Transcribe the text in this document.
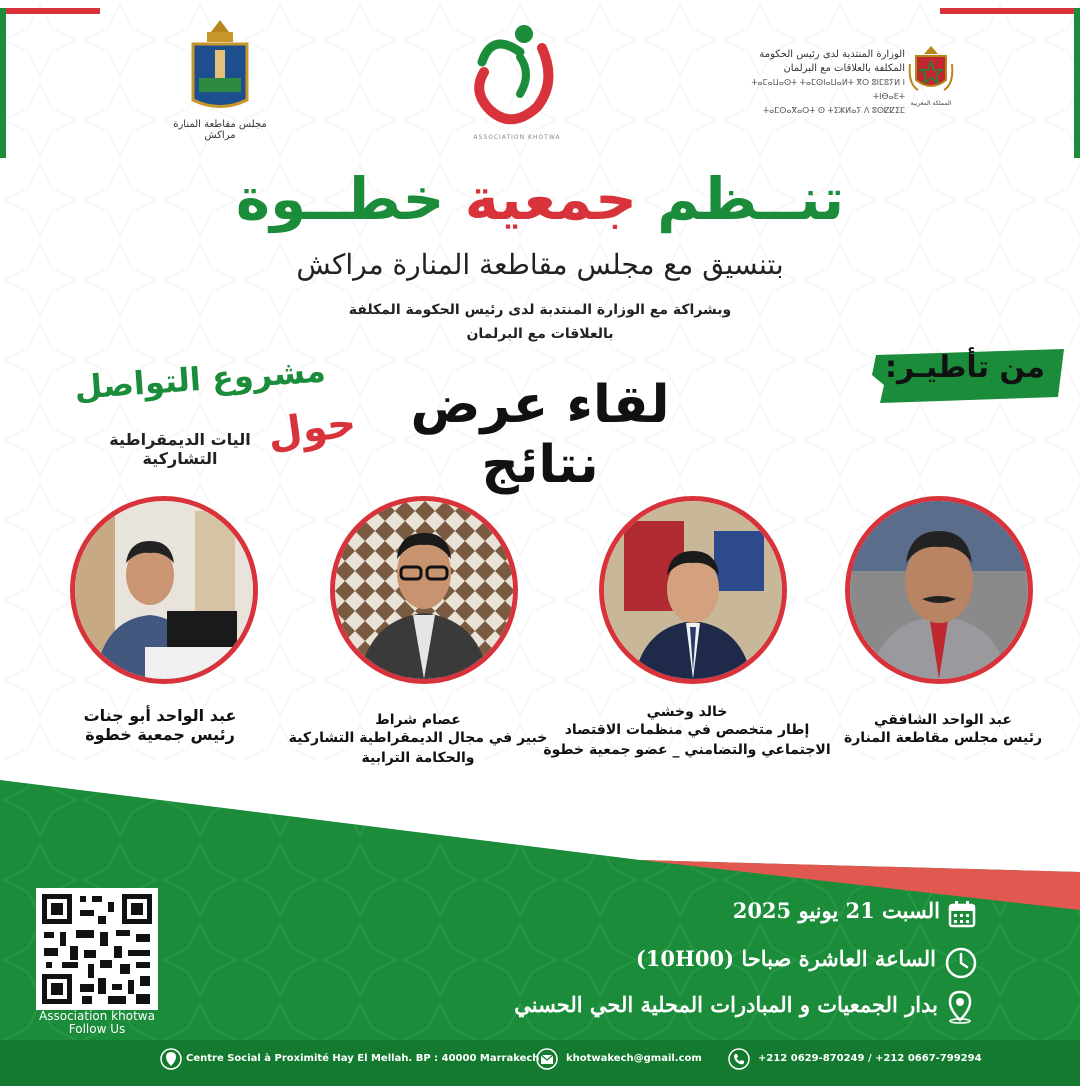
مجلس مقاطعة المنارة مراكش	ASSOCIATION KHOTWA
الوزارة المنتدبة لدى رئيس الحكومة
المكلفة بالعلاقات مع البرلمان
ⵜⴰⵎⴰⵡⴰⵙⵜ ⵜⴰⵎⵙⵏⴰⵡⴰⵍⵜ ⴳⵔ ⵓⵏⵎⵓⵢⵍ ⵏ ⵜⵏⴱⴰⴹⵜ
ⵜⴰⵎⵙⴰⴳⴰⵔⵜ ⵙ ⵜⵉⵣⵍⴰⵢ ⴷ ⵓⵙⵇⵇⵉⵎ
المملكة المغربية
تنــظم جمعية خطــوة
بتنسيق مع مجلس مقاطعة المنارة مراكش
وبشراكة مع الوزارة المنتدبة لدى رئيس الحكومة المكلفة
بالعلاقات مع البرلمان
من تأطيـر:
لقاء عرض نتائج
مشروع التواصل
حول
اليات الديمقراطية التشاركية
عبد الواحد الشافقي
رئيس مجلس مقاطعة المنارة
خالد وخشي
إطار متخصص في منظمات الاقتصاد
الاجتماعي والتضامني _ عضو جمعية خطوة
عصام شراط
خبير في مجال الديمقراطية التشاركية
والحكامة الترابية
عبد الواحد أبو جنات
رئيس جمعية خطوة
Association khotwa
Follow Us
السبت 21 يونيو 2025
الساعة العاشرة صباحا (10H00)
بدار الجمعيات و المبادرات المحلية الحي الحسني
Centre Social à Proximité Hay El Mellah. BP : 40000 Marrakech	khotwakech@gmail.com	+212 0629-870249 / +212 0667-799294
